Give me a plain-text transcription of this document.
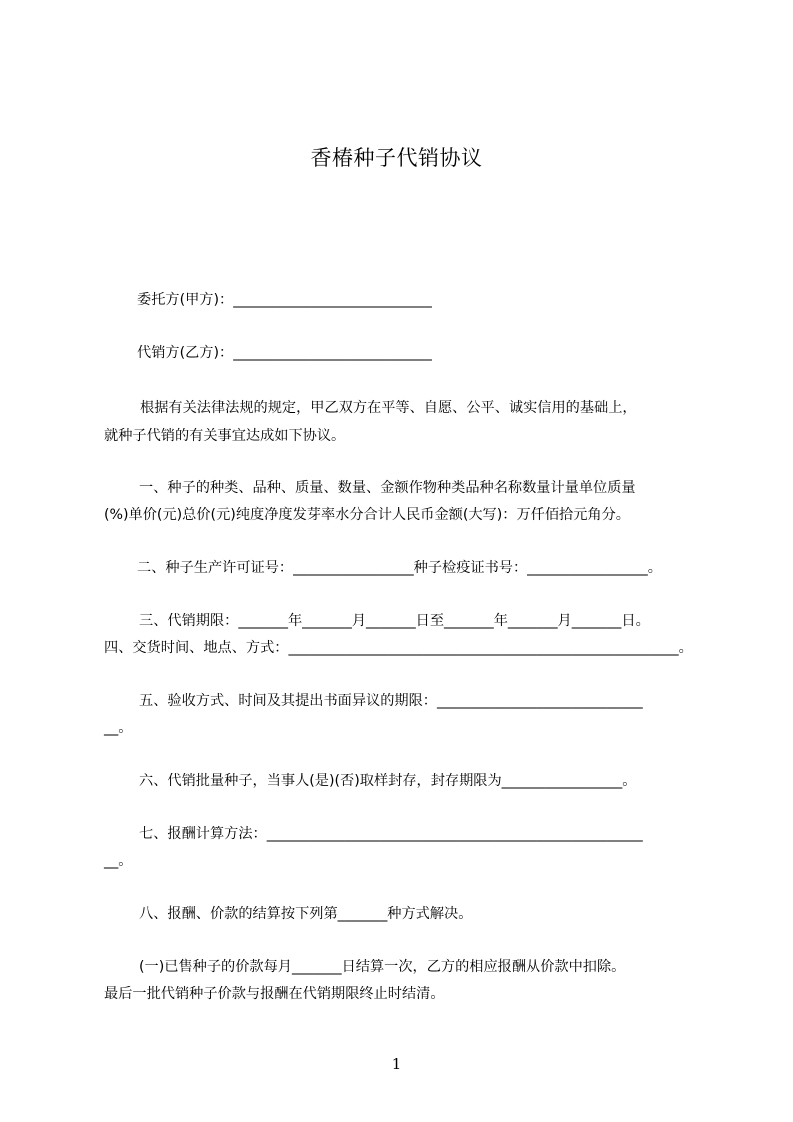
香椿种子代销协议
委托方(甲方)：____________________________
代销方(乙方)：____________________________
根据有关法律法规的规定，甲乙双方在平等、自愿、公平、诚实信用的基础上，
就种子代销的有关事宜达成如下协议。
一、种子的种类、品种、质量、数量、金额作物种类品种名称数量计量单位质量
(%)单价(元)总价(元)纯度净度发芽率水分合计人民币金额(大写)：万仟佰拾元角分。
二、种子生产许可证号：_________________种子检疫证书号：_________________。
三、代销期限：_______年_______月_______日至_______年_______月_______日。
四、交货时间、地点、方式：_______________________________________________________。
五、验收方式、时间及其提出书面异议的期限：_____________________________
__。
六、代销批量种子，当事人(是)(否)取样封存，封存期限为_________________。
七、报酬计算方法：_____________________________________________________
__。
八、报酬、价款的结算按下列第_______种方式解决。
(一)已售种子的价款每月_______日结算一次，乙方的相应报酬从价款中扣除。
最后一批代销种子价款与报酬在代销期限终止时结清。
1
